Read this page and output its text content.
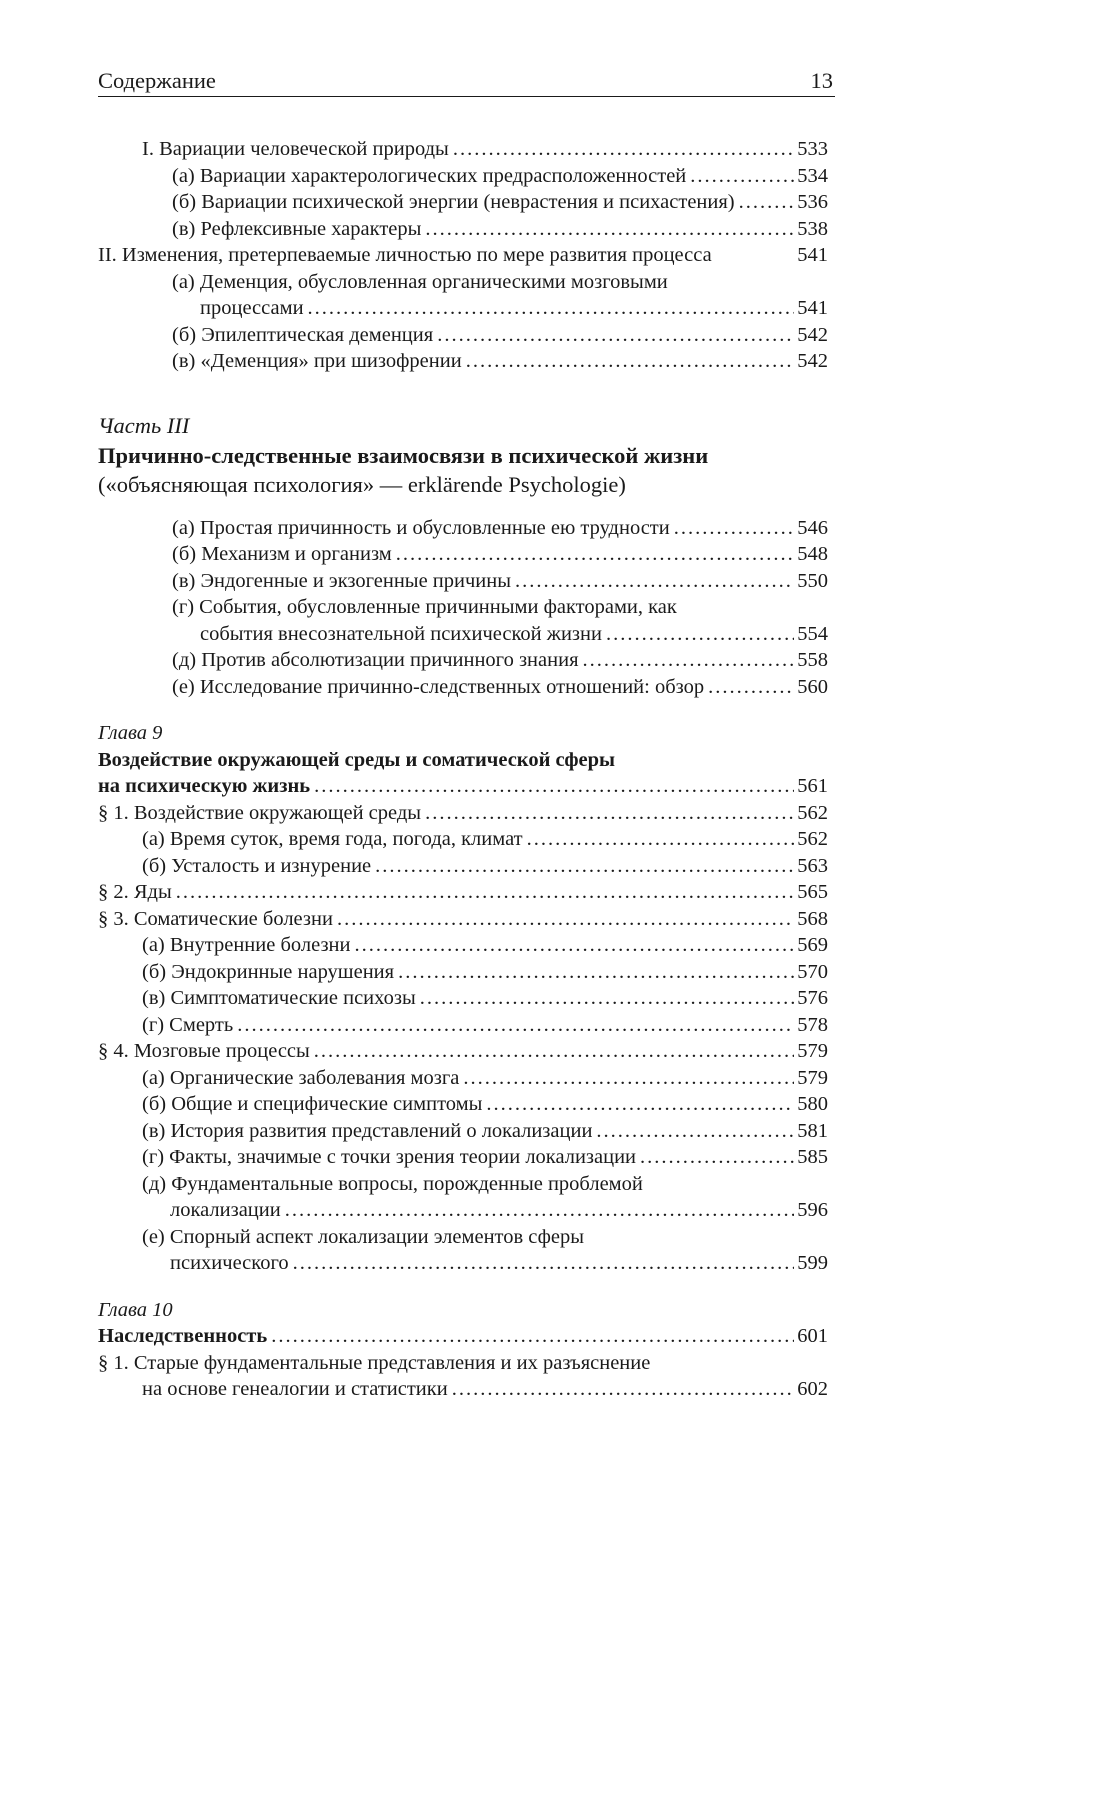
Содержание	13
I. Вариации человеческой природы .....	533
(а) Вариации характерологических предрасположенностей .....	534
(б) Вариации психической энергии (неврастения и психастения) .....	536
(в) Рефлексивные характеры .....	538
II. Изменения, претерпеваемые личностью по мере развития процесса	541
(а) Деменция, обусловленная органическими мозговыми
процессами .....	541
(б) Эпилептическая деменция .....	542
(в) «Деменция» при шизофрении .....	542
Часть III
Причинно-следственные взаимосвязи в психической жизни
(«объясняющая психология» — erklärende Psychologie)
(а) Простая причинность и обусловленные ею трудности .....	546
(б) Механизм и организм .....	548
(в) Эндогенные и экзогенные причины .....	550
(г) События, обусловленные причинными факторами, как
события внесознательной психической жизни .....	554
(д) Против абсолютизации причинного знания .....	558
(е) Исследование причинно-следственных отношений: обзор .....	560
Глава 9
Воздействие окружающей среды и соматической сферы
на психическую жизнь .....	561
§ 1. Воздействие окружающей среды .....	562
(а) Время суток, время года, погода, климат .....	562
(б) Усталость и изнурение .....	563
§ 2. Яды .....	565
§ 3. Соматические болезни .....	568
(а) Внутренние болезни .....	569
(б) Эндокринные нарушения .....	570
(в) Симптоматические психозы .....	576
(г) Смерть .....	578
§ 4. Мозговые процессы .....	579
(а) Органические заболевания мозга .....	579
(б) Общие и специфические симптомы .....	580
(в) История развития представлений о локализации .....	581
(г) Факты, значимые с точки зрения теории локализации .....	585
(д) Фундаментальные вопросы, порожденные проблемой
локализации .....	596
(е) Спорный аспект локализации элементов сферы
психического .....	599
Глава 10
Наследственность .....	601
§ 1. Старые фундаментальные представления и их разъяснение
на основе генеалогии и статистики .....	602
